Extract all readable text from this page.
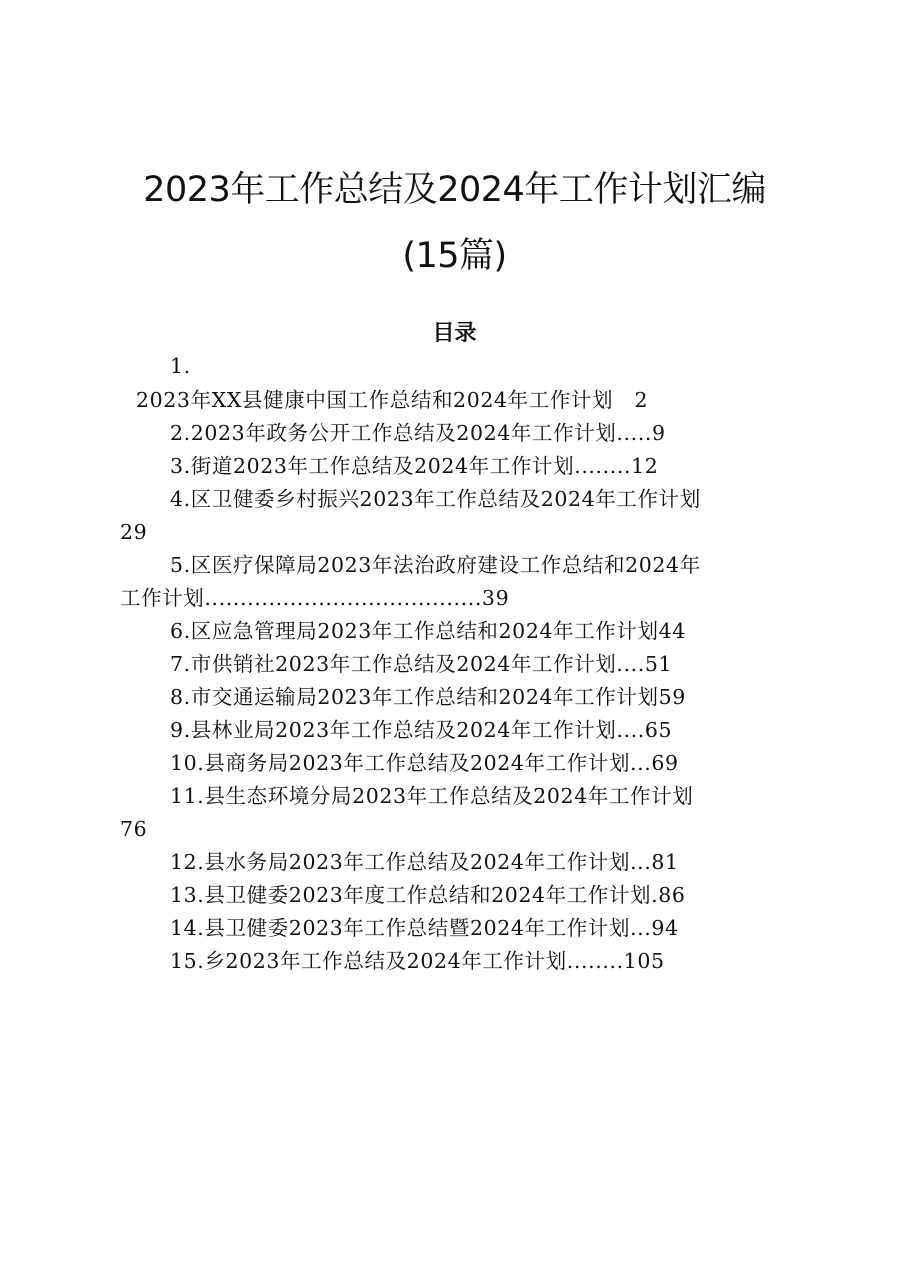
2023年工作总结及2024年工作计划汇编
(15篇)
目录
1.
2023年XX县健康中国工作总结和2024年工作计划   2
2.2023年政务公开工作总结及2024年工作计划.....9
3.街道2023年工作总结及2024年工作计划........12
4.区卫健委乡村振兴2023年工作总结及2024年工作计划
29
5.区医疗保障局2023年法治政府建设工作总结和2024年
工作计划.......................................39
6.区应急管理局2023年工作总结和2024年工作计划44
7.市供销社2023年工作总结及2024年工作计划....51
8.市交通运输局2023年工作总结和2024年工作计划59
9.县林业局2023年工作总结及2024年工作计划....65
10.县商务局2023年工作总结及2024年工作计划...69
11.县生态环境分局2023年工作总结及2024年工作计划
76
12.县水务局2023年工作总结及2024年工作计划...81
13.县卫健委2023年度工作总结和2024年工作计划.86
14.县卫健委2023年工作总结暨2024年工作计划...94
15.乡2023年工作总结及2024年工作计划........105
